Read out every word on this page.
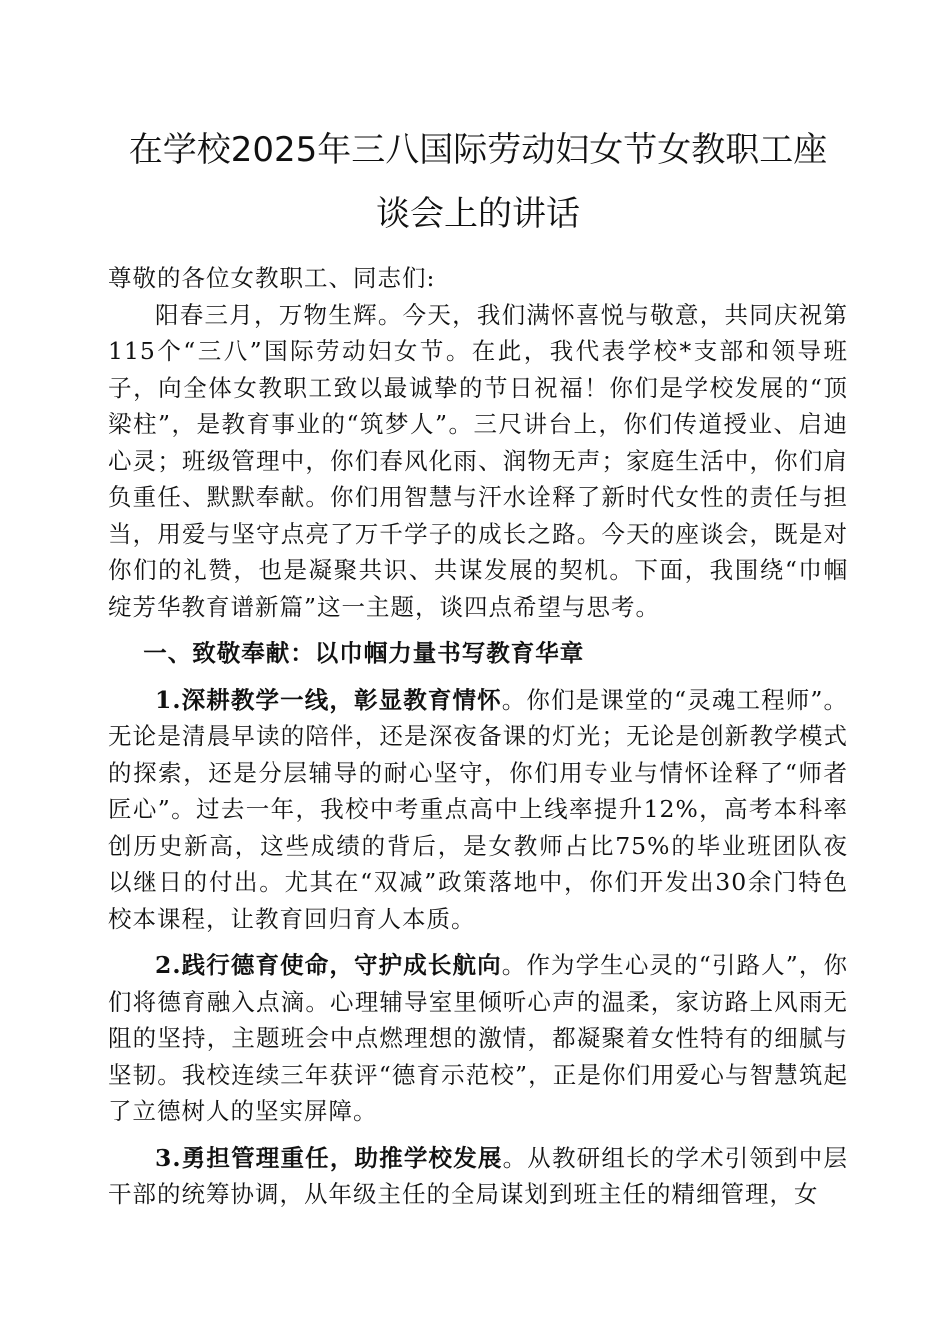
在学校2025年三八国际劳动妇女节女教职工座
谈会上的讲话

尊敬的各位女教职工、同志们:

阳春三月，万物生辉。今天，我们满怀喜悦与敬意，共同庆祝第115个“三八”国际劳动妇女节。在此，我代表学校*支部和领导班子，向全体女教职工致以最诚挚的节日祝福！你们是学校发展的“顶梁柱”，是教育事业的“筑梦人”。三尺讲台上，你们传道授业、启迪心灵；班级管理中，你们春风化雨、润物无声；家庭生活中，你们肩负重任、默默奉献。你们用智慧与汗水诠释了新时代女性的责任与担当，用爱与坚守点亮了万千学子的成长之路。今天的座谈会，既是对你们的礼赞，也是凝聚共识、共谋发展的契机。下面，我围绕“巾帼绽芳华教育谱新篇”这一主题，谈四点希望与思考。

一、致敬奉献：以巾帼力量书写教育华章

1.深耕教学一线，彰显教育情怀。你们是课堂的“灵魂工程师”。无论是清晨早读的陪伴，还是深夜备课的灯光；无论是创新教学模式的探索，还是分层辅导的耐心坚守，你们用专业与情怀诠释了“师者匠心”。过去一年，我校中考重点高中上线率提升12%，高考本科率创历史新高，这些成绩的背后，是女教师占比75%的毕业班团队夜以继日的付出。尤其在“双减”政策落地中，你们开发出30余门特色校本课程，让教育回归育人本质。

2.践行德育使命，守护成长航向。作为学生心灵的“引路人”，你们将德育融入点滴。心理辅导室里倾听心声的温柔，家访路上风雨无阻的坚持，主题班会中点燃理想的激情，都凝聚着女性特有的细腻与坚韧。我校连续三年获评“德育示范校”，正是你们用爱心与智慧筑起了立德树人的坚实屏障。

3.勇担管理重任，助推学校发展。从教研组长的学术引领到中层干部的统筹协调，从年级主任的全局谋划到班主任的精细管理，女
